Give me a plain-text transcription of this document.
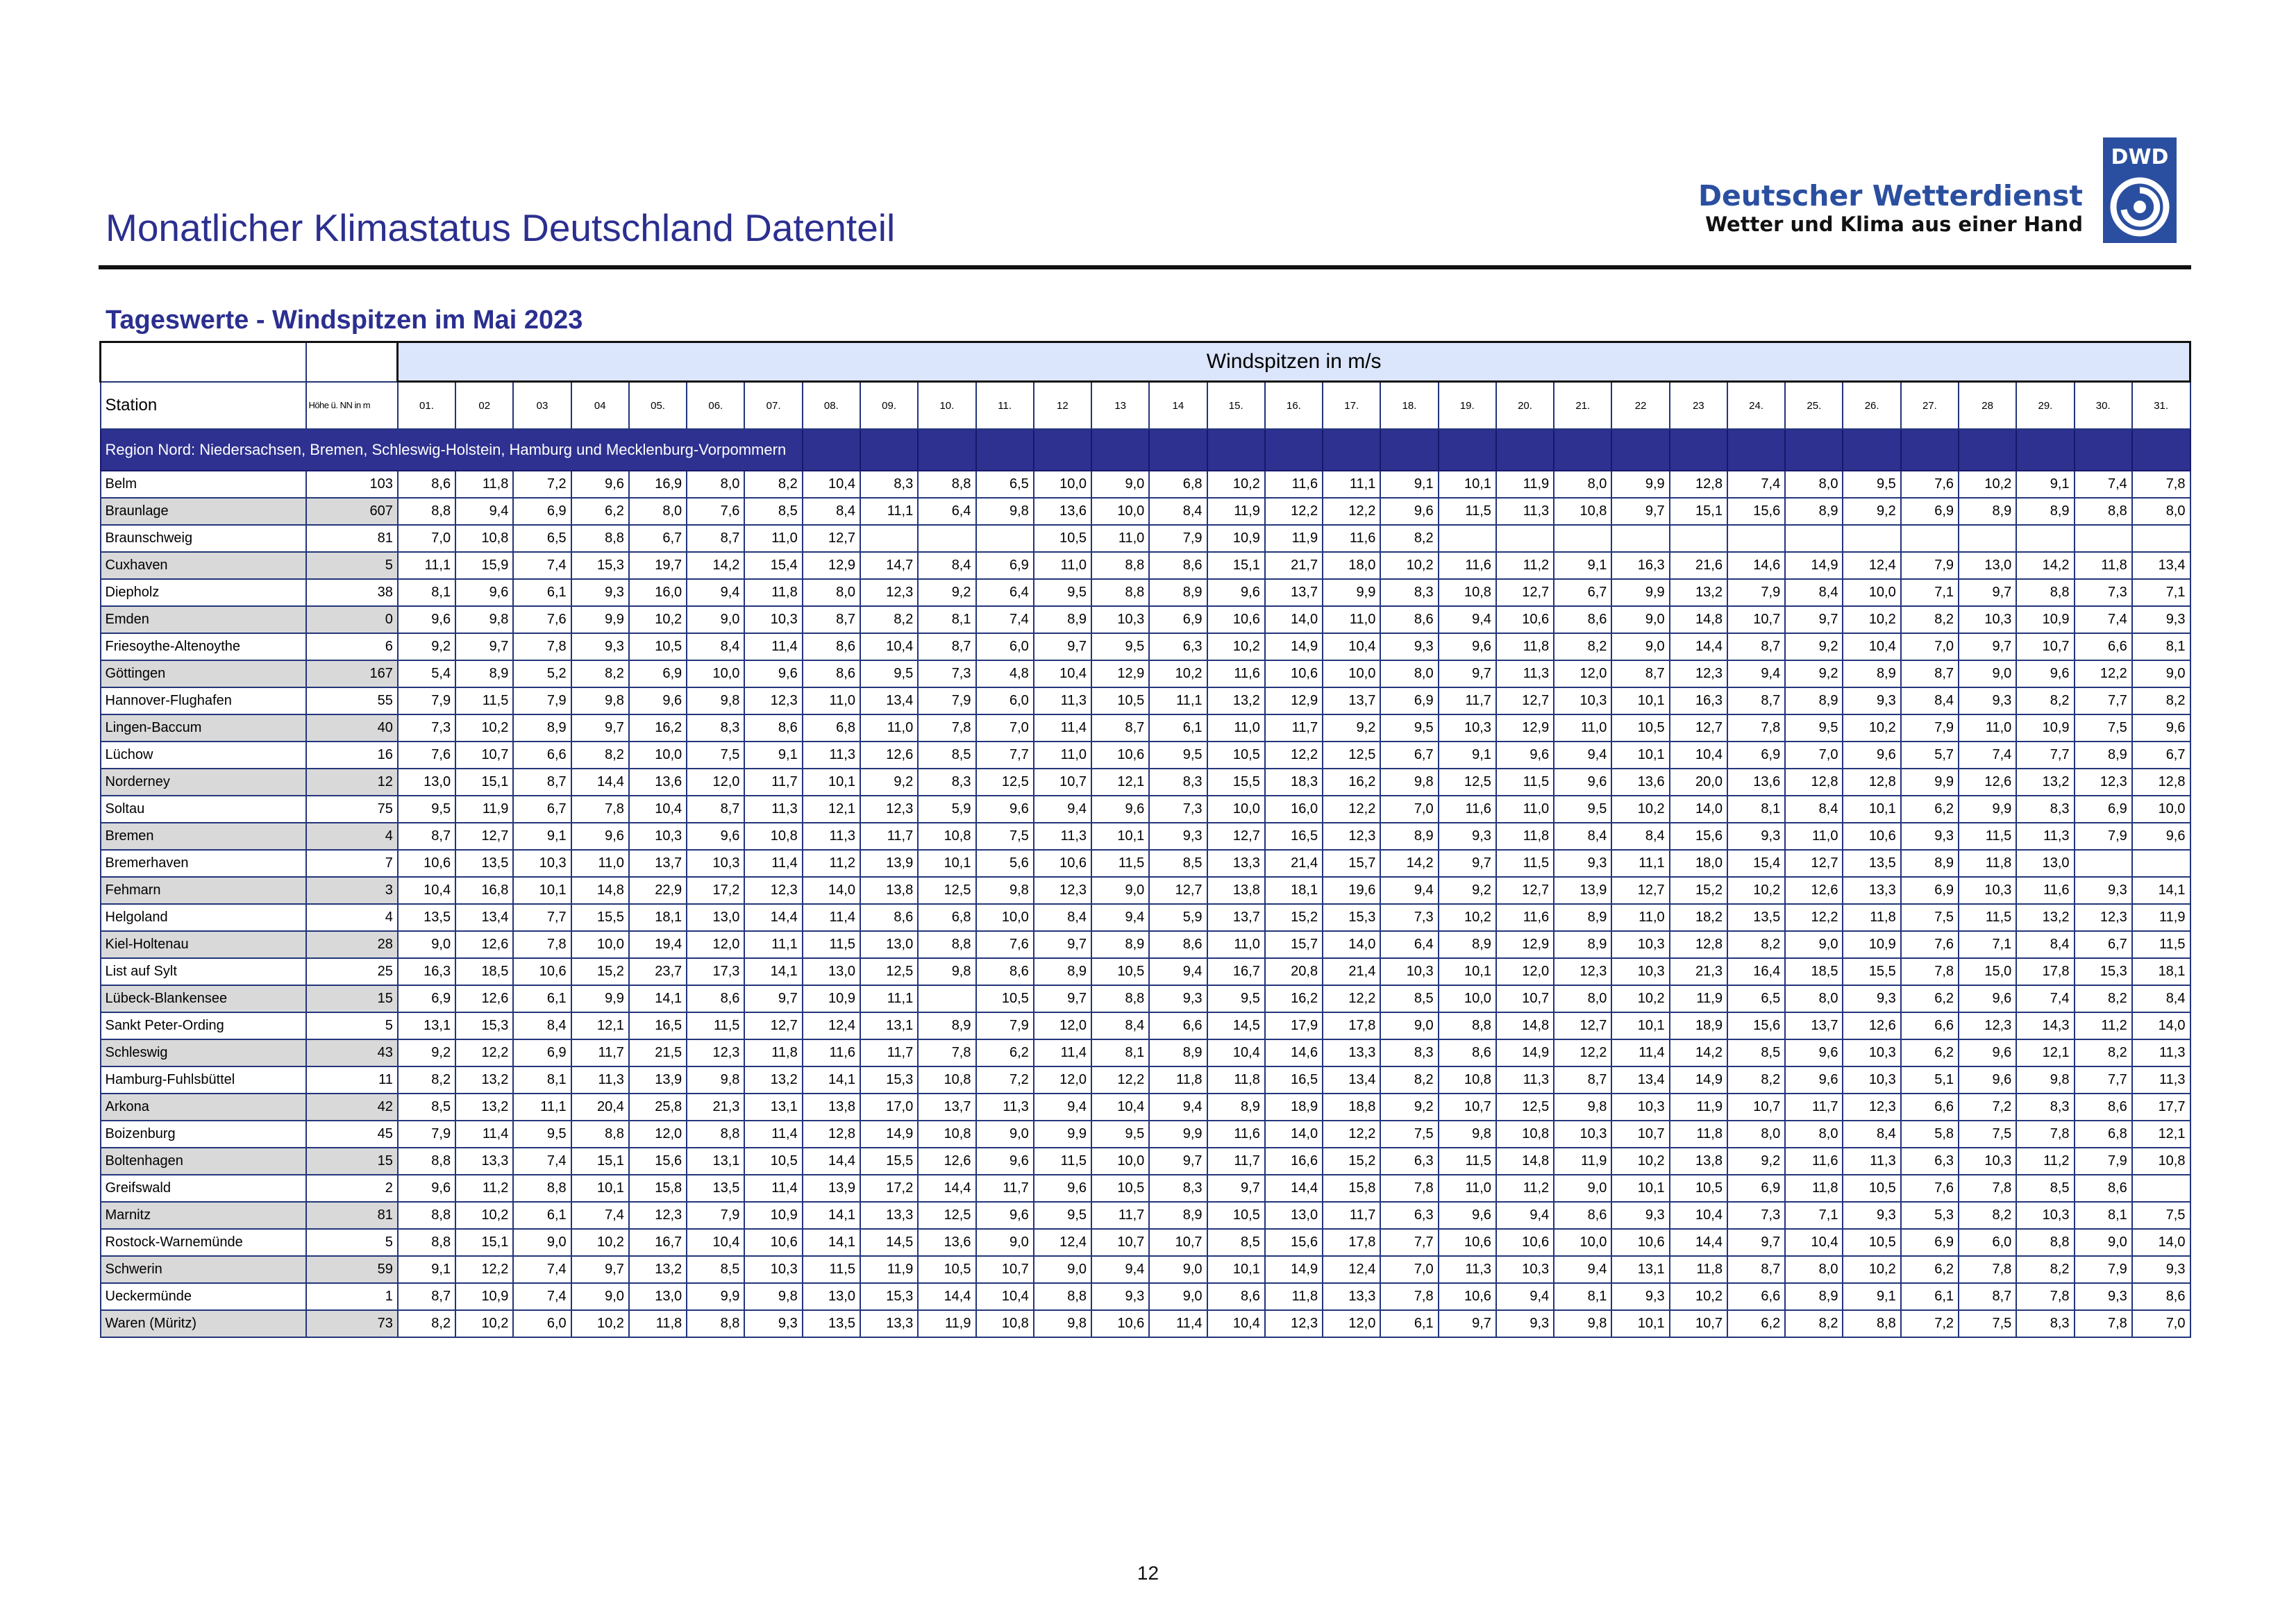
Monatlicher Klimastatus Deutschland Datenteil
Deutscher Wetterdienst
Wetter und Klima aus einer Hand
DWD
Tageswerte - Windspitzen im Mai 2023
		Windspitzen in m/s																														
Station	Höhe ü. NN in m	01.	02	03	04	05.	06.	07.	08.	09.	10.	11.	12	13	14	15.	16.	17.	18.	19.	20.	21.	22	23	24.	25.	26.	27.	28	29.	30.	31.
Region Nord: Niedersachsen, Bremen, Schleswig-Holstein, Hamburg und Mecklenburg-Vorpommern																																
Belm	103	8,6	11,8	7,2	9,6	16,9	8,0	8,2	10,4	8,3	8,8	6,5	10,0	9,0	6,8	10,2	11,6	11,1	9,1	10,1	11,9	8,0	9,9	12,8	7,4	8,0	9,5	7,6	10,2	9,1	7,4	7,8
Braunlage	607	8,8	9,4	6,9	6,2	8,0	7,6	8,5	8,4	11,1	6,4	9,8	13,6	10,0	8,4	11,9	12,2	12,2	9,6	11,5	11,3	10,8	9,7	15,1	15,6	8,9	9,2	6,9	8,9	8,9	8,8	8,0
Braunschweig	81	7,0	10,8	6,5	8,8	6,7	8,7	11,0	12,7				10,5	11,0	7,9	10,9	11,9	11,6	8,2													
Cuxhaven	5	11,1	15,9	7,4	15,3	19,7	14,2	15,4	12,9	14,7	8,4	6,9	11,0	8,8	8,6	15,1	21,7	18,0	10,2	11,6	11,2	9,1	16,3	21,6	14,6	14,9	12,4	7,9	13,0	14,2	11,8	13,4
Diepholz	38	8,1	9,6	6,1	9,3	16,0	9,4	11,8	8,0	12,3	9,2	6,4	9,5	8,8	8,9	9,6	13,7	9,9	8,3	10,8	12,7	6,7	9,9	13,2	7,9	8,4	10,0	7,1	9,7	8,8	7,3	7,1
Emden	0	9,6	9,8	7,6	9,9	10,2	9,0	10,3	8,7	8,2	8,1	7,4	8,9	10,3	6,9	10,6	14,0	11,0	8,6	9,4	10,6	8,6	9,0	14,8	10,7	9,7	10,2	8,2	10,3	10,9	7,4	9,3
Friesoythe-Altenoythe	6	9,2	9,7	7,8	9,3	10,5	8,4	11,4	8,6	10,4	8,7	6,0	9,7	9,5	6,3	10,2	14,9	10,4	9,3	9,6	11,8	8,2	9,0	14,4	8,7	9,2	10,4	7,0	9,7	10,7	6,6	8,1
Göttingen	167	5,4	8,9	5,2	8,2	6,9	10,0	9,6	8,6	9,5	7,3	4,8	10,4	12,9	10,2	11,6	10,6	10,0	8,0	9,7	11,3	12,0	8,7	12,3	9,4	9,2	8,9	8,7	9,0	9,6	12,2	9,0
Hannover-Flughafen	55	7,9	11,5	7,9	9,8	9,6	9,8	12,3	11,0	13,4	7,9	6,0	11,3	10,5	11,1	13,2	12,9	13,7	6,9	11,7	12,7	10,3	10,1	16,3	8,7	8,9	9,3	8,4	9,3	8,2	7,7	8,2
Lingen-Baccum	40	7,3	10,2	8,9	9,7	16,2	8,3	8,6	6,8	11,0	7,8	7,0	11,4	8,7	6,1	11,0	11,7	9,2	9,5	10,3	12,9	11,0	10,5	12,7	7,8	9,5	10,2	7,9	11,0	10,9	7,5	9,6
Lüchow	16	7,6	10,7	6,6	8,2	10,0	7,5	9,1	11,3	12,6	8,5	7,7	11,0	10,6	9,5	10,5	12,2	12,5	6,7	9,1	9,6	9,4	10,1	10,4	6,9	7,0	9,6	5,7	7,4	7,7	8,9	6,7
Norderney	12	13,0	15,1	8,7	14,4	13,6	12,0	11,7	10,1	9,2	8,3	12,5	10,7	12,1	8,3	15,5	18,3	16,2	9,8	12,5	11,5	9,6	13,6	20,0	13,6	12,8	12,8	9,9	12,6	13,2	12,3	12,8
Soltau	75	9,5	11,9	6,7	7,8	10,4	8,7	11,3	12,1	12,3	5,9	9,6	9,4	9,6	7,3	10,0	16,0	12,2	7,0	11,6	11,0	9,5	10,2	14,0	8,1	8,4	10,1	6,2	9,9	8,3	6,9	10,0
Bremen	4	8,7	12,7	9,1	9,6	10,3	9,6	10,8	11,3	11,7	10,8	7,5	11,3	10,1	9,3	12,7	16,5	12,3	8,9	9,3	11,8	8,4	8,4	15,6	9,3	11,0	10,6	9,3	11,5	11,3	7,9	9,6
Bremerhaven	7	10,6	13,5	10,3	11,0	13,7	10,3	11,4	11,2	13,9	10,1	5,6	10,6	11,5	8,5	13,3	21,4	15,7	14,2	9,7	11,5	9,3	11,1	18,0	15,4	12,7	13,5	8,9	11,8	13,0		
Fehmarn	3	10,4	16,8	10,1	14,8	22,9	17,2	12,3	14,0	13,8	12,5	9,8	12,3	9,0	12,7	13,8	18,1	19,6	9,4	9,2	12,7	13,9	12,7	15,2	10,2	12,6	13,3	6,9	10,3	11,6	9,3	14,1
Helgoland	4	13,5	13,4	7,7	15,5	18,1	13,0	14,4	11,4	8,6	6,8	10,0	8,4	9,4	5,9	13,7	15,2	15,3	7,3	10,2	11,6	8,9	11,0	18,2	13,5	12,2	11,8	7,5	11,5	13,2	12,3	11,9
Kiel-Holtenau	28	9,0	12,6	7,8	10,0	19,4	12,0	11,1	11,5	13,0	8,8	7,6	9,7	8,9	8,6	11,0	15,7	14,0	6,4	8,9	12,9	8,9	10,3	12,8	8,2	9,0	10,9	7,6	7,1	8,4	6,7	11,5
List auf Sylt	25	16,3	18,5	10,6	15,2	23,7	17,3	14,1	13,0	12,5	9,8	8,6	8,9	10,5	9,4	16,7	20,8	21,4	10,3	10,1	12,0	12,3	10,3	21,3	16,4	18,5	15,5	7,8	15,0	17,8	15,3	18,1
Lübeck-Blankensee	15	6,9	12,6	6,1	9,9	14,1	8,6	9,7	10,9	11,1		10,5	9,7	8,8	9,3	9,5	16,2	12,2	8,5	10,0	10,7	8,0	10,2	11,9	6,5	8,0	9,3	6,2	9,6	7,4	8,2	8,4
Sankt Peter-Ording	5	13,1	15,3	8,4	12,1	16,5	11,5	12,7	12,4	13,1	8,9	7,9	12,0	8,4	6,6	14,5	17,9	17,8	9,0	8,8	14,8	12,7	10,1	18,9	15,6	13,7	12,6	6,6	12,3	14,3	11,2	14,0
Schleswig	43	9,2	12,2	6,9	11,7	21,5	12,3	11,8	11,6	11,7	7,8	6,2	11,4	8,1	8,9	10,4	14,6	13,3	8,3	8,6	14,9	12,2	11,4	14,2	8,5	9,6	10,3	6,2	9,6	12,1	8,2	11,3
Hamburg-Fuhlsbüttel	11	8,2	13,2	8,1	11,3	13,9	9,8	13,2	14,1	15,3	10,8	7,2	12,0	12,2	11,8	11,8	16,5	13,4	8,2	10,8	11,3	8,7	13,4	14,9	8,2	9,6	10,3	5,1	9,6	9,8	7,7	11,3
Arkona	42	8,5	13,2	11,1	20,4	25,8	21,3	13,1	13,8	17,0	13,7	11,3	9,4	10,4	9,4	8,9	18,9	18,8	9,2	10,7	12,5	9,8	10,3	11,9	10,7	11,7	12,3	6,6	7,2	8,3	8,6	17,7
Boizenburg	45	7,9	11,4	9,5	8,8	12,0	8,8	11,4	12,8	14,9	10,8	9,0	9,9	9,5	9,9	11,6	14,0	12,2	7,5	9,8	10,8	10,3	10,7	11,8	8,0	8,0	8,4	5,8	7,5	7,8	6,8	12,1
Boltenhagen	15	8,8	13,3	7,4	15,1	15,6	13,1	10,5	14,4	15,5	12,6	9,6	11,5	10,0	9,7	11,7	16,6	15,2	6,3	11,5	14,8	11,9	10,2	13,8	9,2	11,6	11,3	6,3	10,3	11,2	7,9	10,8
Greifswald	2	9,6	11,2	8,8	10,1	15,8	13,5	11,4	13,9	17,2	14,4	11,7	9,6	10,5	8,3	9,7	14,4	15,8	7,8	11,0	11,2	9,0	10,1	10,5	6,9	11,8	10,5	7,6	7,8	8,5	8,6	
Marnitz	81	8,8	10,2	6,1	7,4	12,3	7,9	10,9	14,1	13,3	12,5	9,6	9,5	11,7	8,9	10,5	13,0	11,7	6,3	9,6	9,4	8,6	9,3	10,4	7,3	7,1	9,3	5,3	8,2	10,3	8,1	7,5
Rostock-Warnemünde	5	8,8	15,1	9,0	10,2	16,7	10,4	10,6	14,1	14,5	13,6	9,0	12,4	10,7	10,7	8,5	15,6	17,8	7,7	10,6	10,6	10,0	10,6	14,4	9,7	10,4	10,5	6,9	6,0	8,8	9,0	14,0
Schwerin	59	9,1	12,2	7,4	9,7	13,2	8,5	10,3	11,5	11,9	10,5	10,7	9,0	9,4	9,0	10,1	14,9	12,4	7,0	11,3	10,3	9,4	13,1	11,8	8,7	8,0	10,2	6,2	7,8	8,2	7,9	9,3
Ueckermünde	1	8,7	10,9	7,4	9,0	13,0	9,9	9,8	13,0	15,3	14,4	10,4	8,8	9,3	9,0	8,6	11,8	13,3	7,8	10,6	9,4	8,1	9,3	10,2	6,6	8,9	9,1	6,1	8,7	7,8	9,3	8,6
Waren (Müritz)	73	8,2	10,2	6,0	10,2	11,8	8,8	9,3	13,5	13,3	11,9	10,8	9,8	10,6	11,4	10,4	12,3	12,0	6,1	9,7	9,3	9,8	10,1	10,7	6,2	8,2	8,8	7,2	7,5	8,3	7,8	7,0
12
